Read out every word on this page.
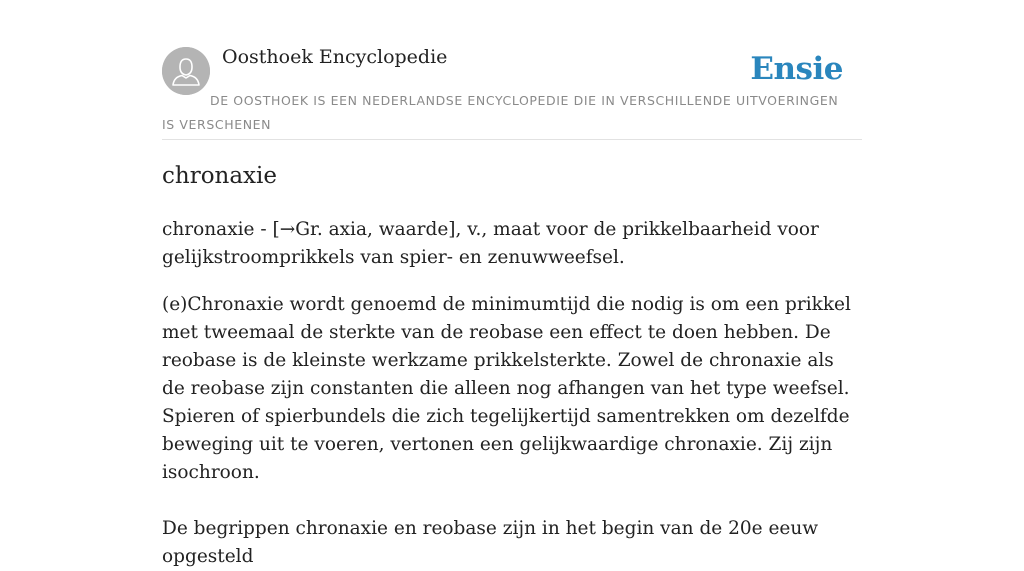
Oosthoek Encyclopedie	Ensie
DE OOSTHOEK IS EEN NEDERLANDSE ENCYCLOPEDIE DIE IN VERSCHILLENDE UITVOERINGEN IS VERSCHENEN
chronaxie

chronaxie - [→Gr. axia, waarde], v., maat voor de prikkelbaarheid voor gelijkstroomprikkels van spier- en zenuwweefsel.

(e)Chronaxie wordt genoemd de minimumtijd die nodig is om een prikkel met tweemaal de sterkte van de reobase een effect te doen hebben. De reobase is de kleinste werkzame prikkelsterkte. Zowel de chronaxie als de reobase zijn constanten die alleen nog afhangen van het type weefsel. Spieren of spierbundels die zich tegelijkertijd samentrekken om dezelfde beweging uit te voeren, vertonen een gelijkwaardige chronaxie. Zij zijn isochroon.

De begrippen chronaxie en reobase zijn in het begin van de 20e eeuw opgesteld
